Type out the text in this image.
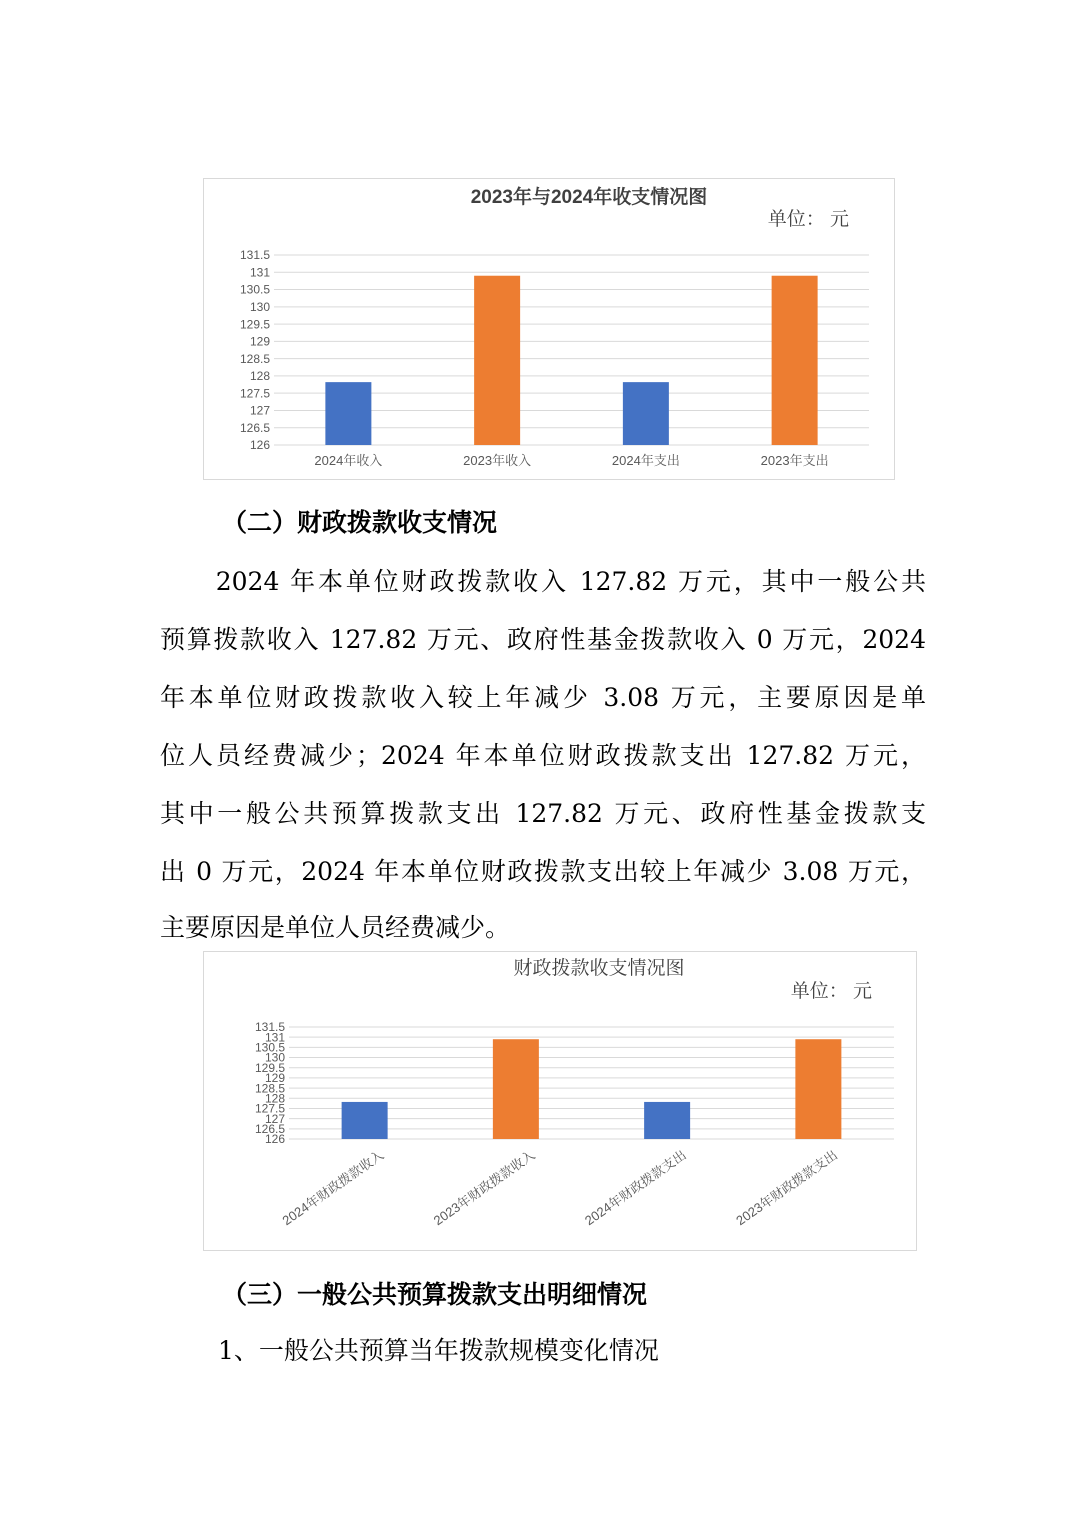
2023年与2024年收支情况图
单位： 元
131.5
131
130.5
130
129.5
129
128.5
128
127.5
127
126.5
126
2024年收入	2023年收入	2024年支出	2023年支出
（二）财政拨款收支情况
　　2024 年本单位财政拨款收入 127.82 万元，其中一般公共
预算拨款收入 127.82 万元、政府性基金拨款收入 0 万元，2024
年本单位财政拨款收入较上年减少 3.08 万元，主要原因是单
位人员经费减少；2024 年本单位财政拨款支出 127.82 万元，
其中一般公共预算拨款支出 127.82 万元、政府性基金拨款支
出 0 万元，2024 年本单位财政拨款支出较上年减少 3.08 万元，
主要原因是单位人员经费减少。
财政拨款收支情况图
单位： 元
131.5
131
130.5
130
129.5
129
128.5
128
127.5
127
126.5
126
2024年财政拨款收入	2023年财政拨款收入	2024年财政拨款支出	2023年财政拨款支出
（三）一般公共预算拨款支出明细情况
1、一般公共预算当年拨款规模变化情况
